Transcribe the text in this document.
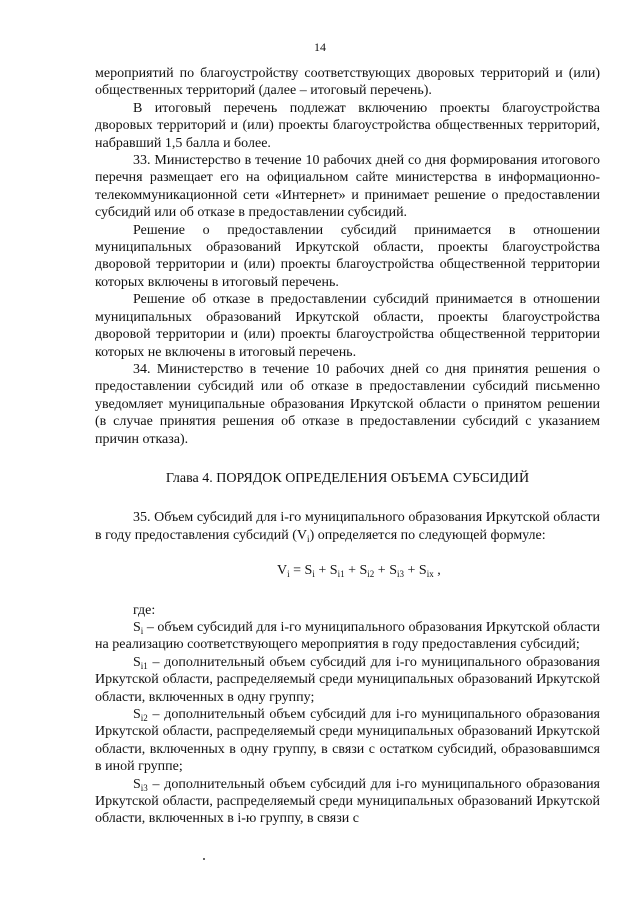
14

мероприятий по благоустройству соответствующих дворовых территорий и (или) общественных территорий (далее – итоговый перечень).

В итоговый перечень подлежат включению проекты благоустройства дворовых территорий и (или) проекты благоустройства общественных территорий, набравший 1,5 балла и более.

33. Министерство в течение 10 рабочих дней со дня формирования итогового перечня размещает его на официальном сайте министерства в информационно-телекоммуникационной сети «Интернет» и принимает решение о предоставлении субсидий или об отказе в предоставлении субсидий.

Решение о предоставлении субсидий принимается в отношении муниципальных образований Иркутской области, проекты благоустройства дворовой территории и (или) проекты благоустройства общественной территории которых включены в итоговый перечень.

Решение об отказе в предоставлении субсидий принимается в отношении муниципальных образований Иркутской области, проекты благоустройства дворовой территории и (или) проекты благоустройства общественной территории которых не включены в итоговый перечень.

34. Министерство в течение 10 рабочих дней со дня принятия решения о предоставлении субсидий или об отказе в предоставлении субсидий письменно уведомляет муниципальные образования Иркутской области о принятом решении (в случае принятия решения об отказе в предоставлении субсидий с указанием причин отказа).

Глава 4. ПОРЯДОК ОПРЕДЕЛЕНИЯ ОБЪЕМА СУБСИДИЙ

35. Объем субсидий для i-го муниципального образования Иркутской области в году предоставления субсидий $(V_i)$ определяется по следующей формуле:

$V_i = S_i + S_{i1} + S_{i2} + S_{i3} + S_{ix}$ ,

где:

$S_i$ – объем субсидий для i-го муниципального образования Иркутской области на реализацию соответствующего мероприятия в году предоставления субсидий;

$S_{i1}$ – дополнительный объем субсидий для i-го муниципального образования Иркутской области, распределяемый среди муниципальных образований Иркутской области, включенных в одну группу;

$S_{i2}$ – дополнительный объем субсидий для i-го муниципального образования Иркутской области, распределяемый среди муниципальных образований Иркутской области, включенных в одну группу, в связи с остатком субсидий, образовавшимся в иной группе;

$S_{i3}$ – дополнительный объем субсидий для i-го муниципального образования Иркутской области, распределяемый среди муниципальных образований Иркутской области, включенных в i-ю группу, в связи с
